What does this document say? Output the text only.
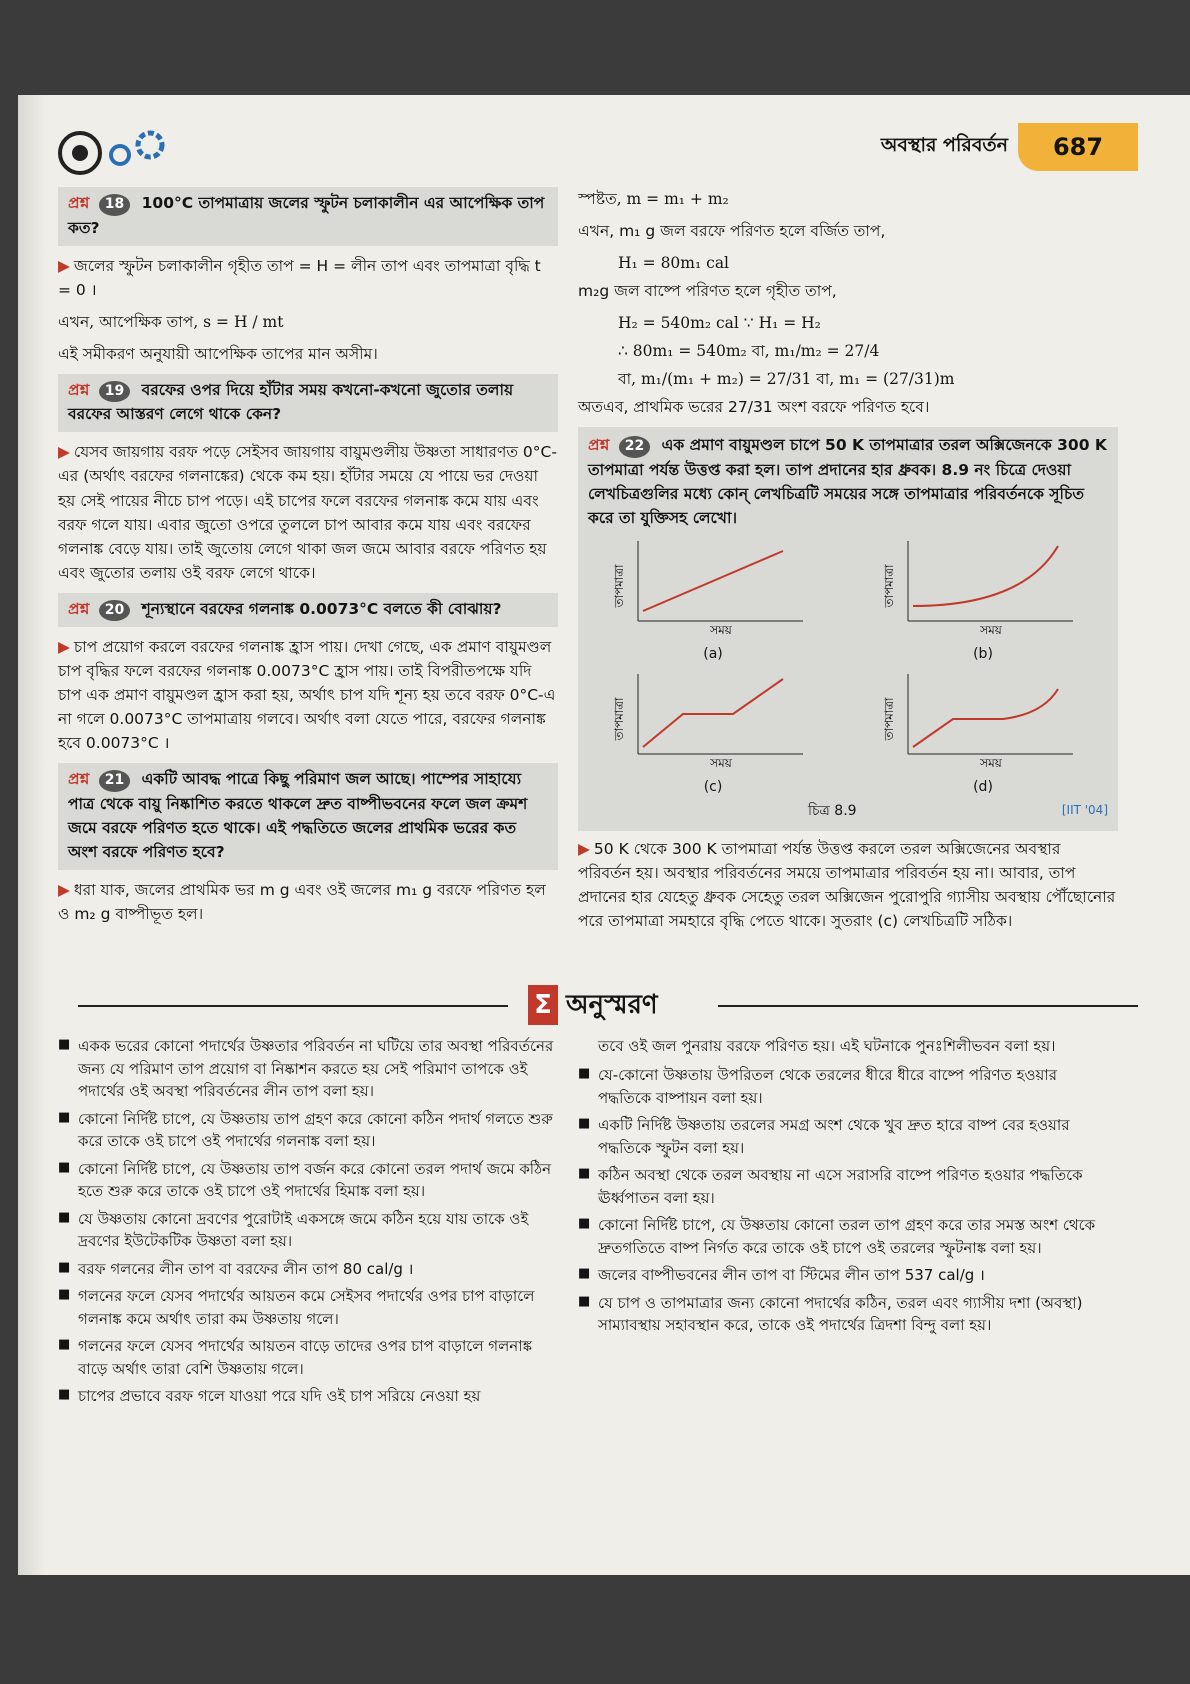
অবস্থার পরিবর্তন	687
প্রশ্ন 18 100°C তাপমাত্রায় জলের স্ফুটন চলাকালীন এর আপেক্ষিক তাপ কত?

▶ জলের স্ফুটন চলাকালীন গৃহীত তাপ = H = লীন তাপ এবং তাপমাত্রা বৃদ্ধি t = 0 ।

এখন, আপেক্ষিক তাপ, s = H / mt

এই সমীকরণ অনুযায়ী আপেক্ষিক তাপের মান অসীম।

প্রশ্ন 19 বরফের ওপর দিয়ে হাঁটার সময় কখনো-কখনো জুতোর তলায় বরফের আস্তরণ লেগে থাকে কেন?

▶ যেসব জায়গায় বরফ পড়ে সেইসব জায়গায় বায়ুমণ্ডলীয় উষ্ণতা সাধারণত 0°C-এর (অর্থাৎ বরফের গলনাঙ্কের) থেকে কম হয়। হাঁটার সময়ে যে পায়ে ভর দেওয়া হয় সেই পায়ের নীচে চাপ পড়ে। এই চাপের ফলে বরফের গলনাঙ্ক কমে যায় এবং বরফ গলে যায়। এবার জুতো ওপরে তুললে চাপ আবার কমে যায় এবং বরফের গলনাঙ্ক বেড়ে যায়। তাই জুতোয় লেগে থাকা জল জমে আবার বরফে পরিণত হয় এবং জুতোর তলায় ওই বরফ লেগে থাকে।

প্রশ্ন 20 শূন্যস্থানে বরফের গলনাঙ্ক 0.0073°C বলতে কী বোঝায়?

▶ চাপ প্রয়োগ করলে বরফের গলনাঙ্ক হ্রাস পায়। দেখা গেছে, এক প্রমাণ বায়ুমণ্ডল চাপ বৃদ্ধির ফলে বরফের গলনাঙ্ক 0.0073°C হ্রাস পায়। তাই বিপরীতপক্ষে যদি চাপ এক প্রমাণ বায়ুমণ্ডল হ্রাস করা হয়, অর্থাৎ চাপ যদি শূন্য হয় তবে বরফ 0°C-এ না গলে 0.0073°C তাপমাত্রায় গলবে। অর্থাৎ বলা যেতে পারে, বরফের গলনাঙ্ক হবে 0.0073°C ।

প্রশ্ন 21 একটি আবদ্ধ পাত্রে কিছু পরিমাণ জল আছে। পাম্পের সাহায্যে পাত্র থেকে বায়ু নিষ্কাশিত করতে থাকলে দ্রুত বাষ্পীভবনের ফলে জল ক্রমশ জমে বরফে পরিণত হতে থাকে। এই পদ্ধতিতে জলের প্রাথমিক ভরের কত অংশ বরফে পরিণত হবে?

▶ ধরা যাক, জলের প্রাথমিক ভর m g এবং ওই জলের m₁ g বরফে পরিণত হল ও m₂ g বাষ্পীভূত হল।

স্পষ্টত, m = m₁ + m₂

এখন, m₁ g জল বরফে পরিণত হলে বর্জিত তাপ,

H₁ = 80m₁ cal

m₂g জল বাষ্পে পরিণত হলে গৃহীত তাপ,

H₂ = 540m₂ cal ∵ H₁ = H₂

∴ 80m₁ = 540m₂ বা, m₁/m₂ = 27/4

বা, m₁/(m₁ + m₂) = 27/31 বা, m₁ = (27/31)m

অতএব, প্রাথমিক ভরের 27/31 অংশ বরফে পরিণত হবে।

প্রশ্ন 22 এক প্রমাণ বায়ুমণ্ডল চাপে 50 K তাপমাত্রার তরল অক্সিজেনকে 300 K তাপমাত্রা পর্যন্ত উত্তপ্ত করা হল। তাপ প্রদানের হার ধ্রুবক। 8.9 নং চিত্রে দেওয়া লেখচিত্রগুলির মধ্যে কোন্ লেখচিত্রটি সময়ের সঙ্গে তাপমাত্রার পরিবর্তনকে সূচিত করে তা যুক্তিসহ লেখো।
তাপমাত্রা
সময়
(a)
তাপমাত্রা
সময়
(b)
তাপমাত্রা
সময়
(c)
তাপমাত্রা
সময়
(d)
চিত্র 8.9	[IIT '04]

▶ 50 K থেকে 300 K তাপমাত্রা পর্যন্ত উত্তপ্ত করলে তরল অক্সিজেনের অবস্থার পরিবর্তন হয়। অবস্থার পরিবর্তনের সময়ে তাপমাত্রার পরিবর্তন হয় না। আবার, তাপ প্রদানের হার যেহেতু ধ্রুবক সেহেতু তরল অক্সিজেন পুরোপুরি গ্যাসীয় অবস্থায় পৌঁছোনোর পরে তাপমাত্রা সমহারে বৃদ্ধি পেতে থাকে। সুতরাং (c) লেখচিত্রটি সঠিক।

Σ অনুস্মরণ
■ একক ভরের কোনো পদার্থের উষ্ণতার পরিবর্তন না ঘটিয়ে তার অবস্থা পরিবর্তনের জন্য যে পরিমাণ তাপ প্রয়োগ বা নিষ্কাশন করতে হয় সেই পরিমাণ তাপকে ওই পদার্থের ওই অবস্থা পরিবর্তনের লীন তাপ বলা হয়।
■ কোনো নির্দিষ্ট চাপে, যে উষ্ণতায় তাপ গ্রহণ করে কোনো কঠিন পদার্থ গলতে শুরু করে তাকে ওই চাপে ওই পদার্থের গলনাঙ্ক বলা হয়।
■ কোনো নির্দিষ্ট চাপে, যে উষ্ণতায় তাপ বর্জন করে কোনো তরল পদার্থ জমে কঠিন হতে শুরু করে তাকে ওই চাপে ওই পদার্থের হিমাঙ্ক বলা হয়।
■ যে উষ্ণতায় কোনো দ্রবণের পুরোটাই একসঙ্গে জমে কঠিন হয়ে যায় তাকে ওই দ্রবণের ইউটেকটিক উষ্ণতা বলা হয়।
■ বরফ গলনের লীন তাপ বা বরফের লীন তাপ 80 cal/g ।
■ গলনের ফলে যেসব পদার্থের আয়তন কমে সেইসব পদার্থের ওপর চাপ বাড়ালে গলনাঙ্ক কমে অর্থাৎ তারা কম উষ্ণতায় গলে।
■ গলনের ফলে যেসব পদার্থের আয়তন বাড়ে তাদের ওপর চাপ বাড়ালে গলনাঙ্ক বাড়ে অর্থাৎ তারা বেশি উষ্ণতায় গলে।
■ চাপের প্রভাবে বরফ গলে যাওয়া পরে যদি ওই চাপ সরিয়ে নেওয়া হয়

তবে ওই জল পুনরায় বরফে পরিণত হয়। এই ঘটনাকে পুনঃশিলীভবন বলা হয়।

■ যে-কোনো উষ্ণতায় উপরিতল থেকে তরলের ধীরে ধীরে বাষ্পে পরিণত হওয়ার পদ্ধতিকে বাষ্পায়ন বলা হয়।
■ একটি নির্দিষ্ট উষ্ণতায় তরলের সমগ্র অংশ থেকে খুব দ্রুত হারে বাষ্প বের হওয়ার পদ্ধতিকে স্ফুটন বলা হয়।
■ কঠিন অবস্থা থেকে তরল অবস্থায় না এসে সরাসরি বাষ্পে পরিণত হওয়ার পদ্ধতিকে ঊর্ধ্বপাতন বলা হয়।
■ কোনো নির্দিষ্ট চাপে, যে উষ্ণতায় কোনো তরল তাপ গ্রহণ করে তার সমস্ত অংশ থেকে দ্রুতগতিতে বাষ্প নির্গত করে তাকে ওই চাপে ওই তরলের স্ফুটনাঙ্ক বলা হয়।
■ জলের বাষ্পীভবনের লীন তাপ বা স্টিমের লীন তাপ 537 cal/g ।
■ যে চাপ ও তাপমাত্রার জন্য কোনো পদার্থের কঠিন, তরল এবং গ্যাসীয় দশা (অবস্থা) সাম্যাবস্থায় সহাবস্থান করে, তাকে ওই পদার্থের ত্রিদশা বিন্দু বলা হয়।
